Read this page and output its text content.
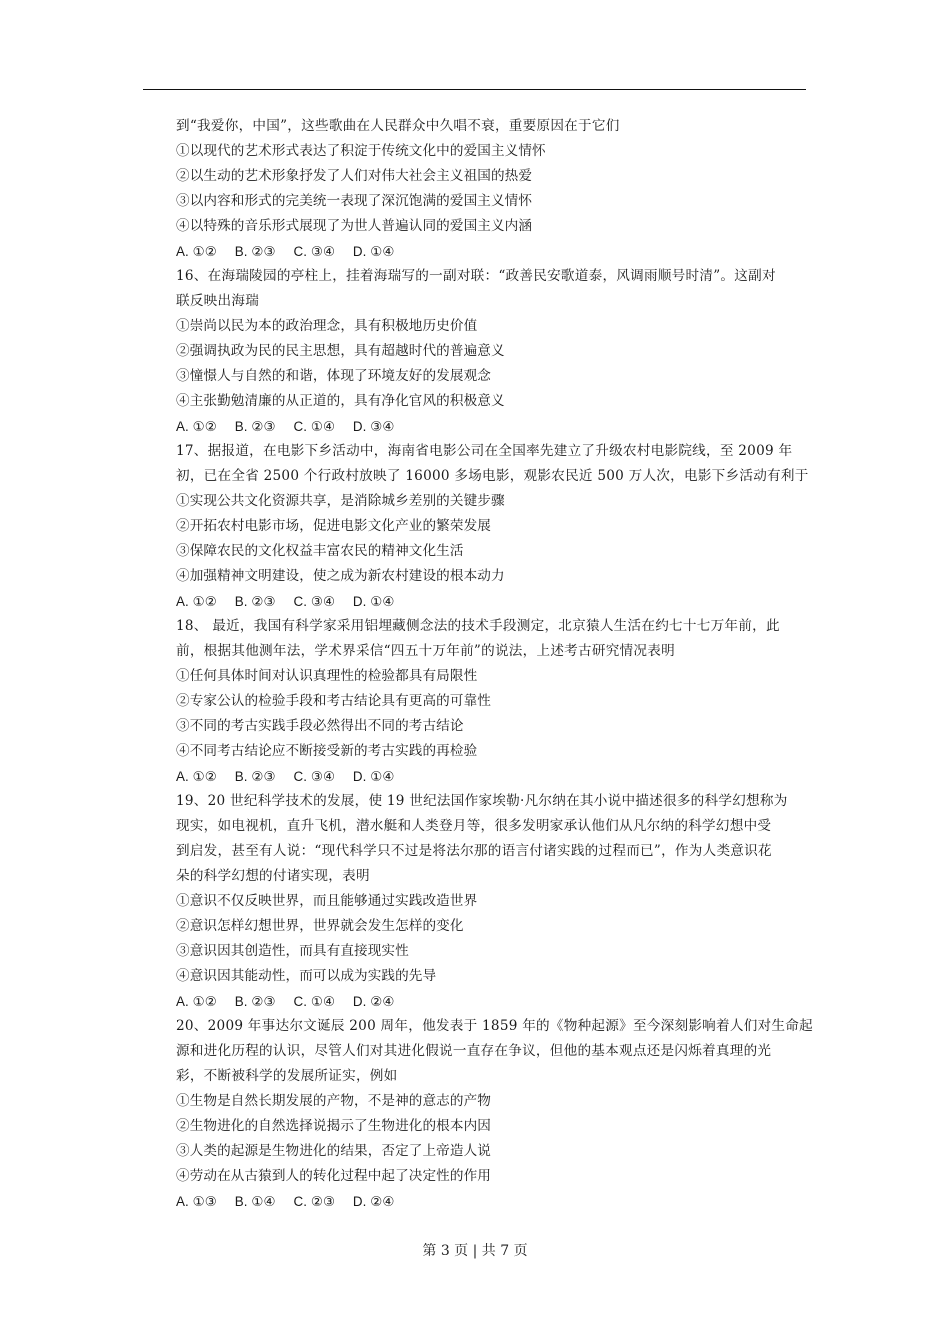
到“我爱你，中国”，这些歌曲在人民群众中久唱不衰，重要原因在于它们
①以现代的艺术形式表达了积淀于传统文化中的爱国主义情怀
②以生动的艺术形象抒发了人们对伟大社会主义祖国的热爱
③以内容和形式的完美统一表现了深沉饱满的爱国主义情怀
④以特殊的音乐形式展现了为世人普遍认同的爱国主义内涵
A. ①② B. ②③ C. ③④ D. ①④
16、在海瑞陵园的亭柱上，挂着海瑞写的一副对联：“政善民安歌道泰，风调雨顺号时清”。这副对
联反映出海瑞
①崇尚以民为本的政治理念，具有积极地历史价值
②强调执政为民的民主思想，具有超越时代的普遍意义
③憧憬人与自然的和谐，体现了环境友好的发展观念
④主张勤勉清廉的从正道的，具有净化官风的积极意义
A. ①② B. ②③ C. ①④ D. ③④
17、据报道，在电影下乡活动中，海南省电影公司在全国率先建立了升级农村电影院线，至 2009 年
初，已在全省 2500 个行政村放映了 16000 多场电影，观影农民近 500 万人次，电影下乡活动有利于
①实现公共文化资源共享，是消除城乡差别的关键步骤
②开拓农村电影市场，促进电影文化产业的繁荣发展
③保障农民的文化权益丰富农民的精神文化生活
④加强精神文明建设，使之成为新农村建设的根本动力
A. ①② B. ②③ C. ③④ D. ①④
18、 最近，我国有科学家采用铝埋藏侧念法的技术手段测定，北京猿人生活在约七十七万年前，此
前，根据其他测年法，学术界采信“四五十万年前”的说法，上述考古研究情况表明
①任何具体时间对认识真理性的检验都具有局限性
②专家公认的检验手段和考古结论具有更高的可靠性
③不同的考古实践手段必然得出不同的考古结论
④不同考古结论应不断接受新的考古实践的再检验
A. ①② B. ②③ C. ③④ D. ①④
19、20 世纪科学技术的发展，使 19 世纪法国作家埃勒·凡尔纳在其小说中描述很多的科学幻想称为
现实，如电视机，直升飞机，潜水艇和人类登月等，很多发明家承认他们从凡尔纳的科学幻想中受
到启发，甚至有人说：“现代科学只不过是将法尔那的语言付诸实践的过程而已”，作为人类意识花
朵的科学幻想的付诸实现，表明
①意识不仅反映世界，而且能够通过实践改造世界
②意识怎样幻想世界，世界就会发生怎样的变化
③意识因其创造性，而具有直接现实性
④意识因其能动性，而可以成为实践的先导
A. ①② B. ②③ C. ①④ D. ②④
20、2009 年事达尔文诞辰 200 周年，他发表于 1859 年的《物种起源》至今深刻影响着人们对生命起
源和进化历程的认识，尽管人们对其进化假说一直存在争议，但他的基本观点还是闪烁着真理的光
彩，不断被科学的发展所证实，例如
①生物是自然长期发展的产物，不是神的意志的产物
②生物进化的自然选择说揭示了生物进化的根本内因
③人类的起源是生物进化的结果，否定了上帝造人说
④劳动在从古猿到人的转化过程中起了决定性的作用
A. ①③ B. ①④ C. ②③ D. ②④
第 3 页 | 共 7 页
